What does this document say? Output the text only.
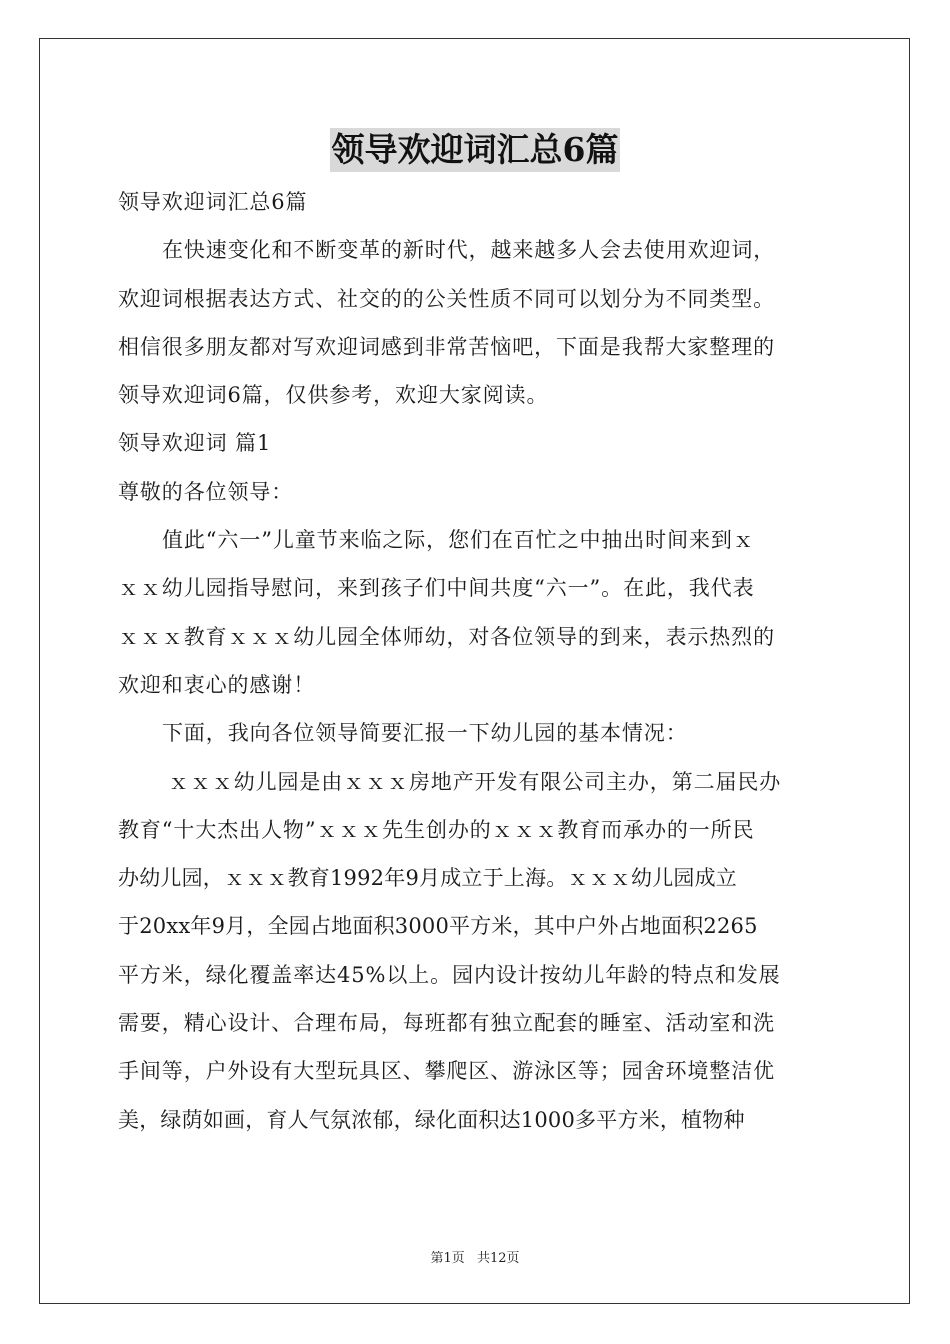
领导欢迎词汇总6篇
领导欢迎词汇总6篇
在快速变化和不断变革的新时代，越来越多人会去使用欢迎词，
欢迎词根据表达方式、社交的的公关性质不同可以划分为不同类型。
相信很多朋友都对写欢迎词感到非常苦恼吧，下面是我帮大家整理的
领导欢迎词6篇，仅供参考，欢迎大家阅读。
领导欢迎词 篇1
尊敬的各位领导：
值此“六一”儿童节来临之际，您们在百忙之中抽出时间来到ｘ
ｘｘ幼儿园指导慰问，来到孩子们中间共度“六一”。在此，我代表
ｘｘｘ教育ｘｘｘ幼儿园全体师幼，对各位领导的到来，表示热烈的
欢迎和衷心的感谢！
下面，我向各位领导简要汇报一下幼儿园的基本情况：
ｘｘｘ幼儿园是由ｘｘｘ房地产开发有限公司主办，第二届民办
教育“十大杰出人物”ｘｘｘ先生创办的ｘｘｘ教育而承办的一所民
办幼儿园，ｘｘｘ教育1992年9月成立于上海。ｘｘｘ幼儿园成立
于20xx年9月，全园占地面积3000平方米，其中户外占地面积2265
平方米，绿化覆盖率达45%以上。园内设计按幼儿年龄的特点和发展
需要，精心设计、合理布局，每班都有独立配套的睡室、活动室和洗
手间等，户外设有大型玩具区、攀爬区、游泳区等；园舍环境整洁优
美，绿荫如画，育人气氛浓郁，绿化面积达1000多平方米，植物种
第1页 共12页
